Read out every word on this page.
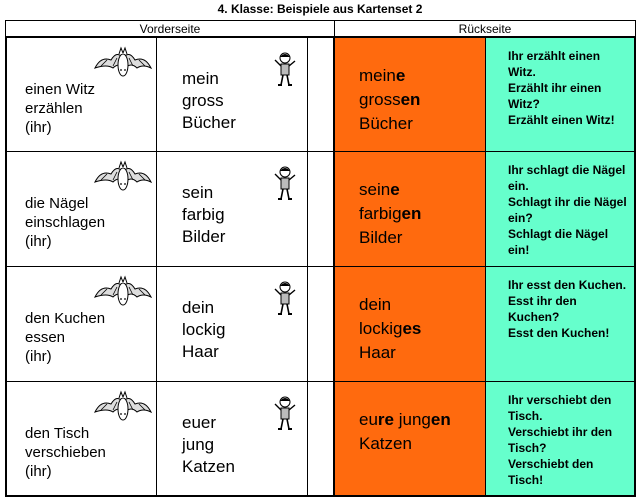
4. Klasse: Beispiele aus Kartenset 2
Vorderseite	Rückseite
einen Witz
erzählen
(ihr)
mein
gross
Bücher
meine
grossen
Bücher
Ihr erzählt einen Witz.
Erzählt ihr einen Witz?
Erzählt einen Witz!
die Nägel
einschlagen
(ihr)
sein
farbig
Bilder
seine
farbigen
Bilder
Ihr schlagt die Nägel ein.
Schlagt ihr die Nägel ein?
Schlagt die Nägel ein!
den Kuchen
essen
(ihr)
dein
lockig
Haar
dein
lockiges
Haar
Ihr esst den Kuchen.
Esst ihr den Kuchen?
Esst den Kuchen!
den Tisch
verschieben
(ihr)
euer
jung
Katzen
eure jungen
Katzen
Ihr verschiebt den Tisch.
Verschiebt ihr den Tisch?
Verschiebt den Tisch!
